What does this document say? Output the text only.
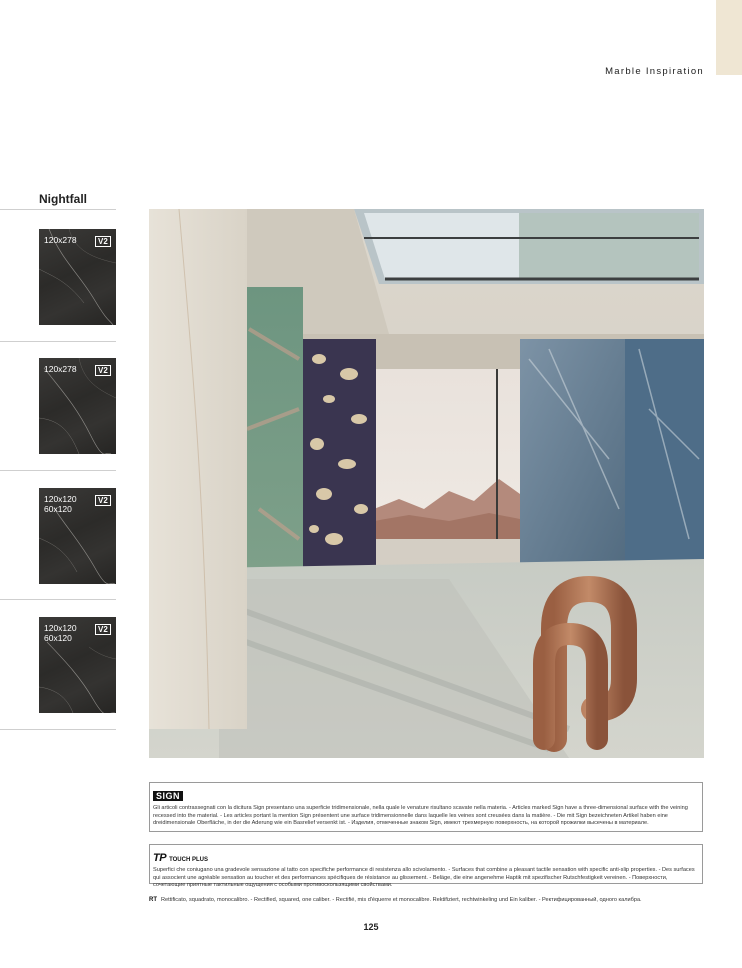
Marble Inspiration
Nightfall
120x278	V2
120x278	V2
120x120
60x120
V2
120x120
60x120
V2
SIGN
Gli articoli contrassegnati con la dicitura Sign presentano una superficie tridimensionale, nella quale le venature risultano scavate nella materia. - Articles marked Sign have a three-dimensional surface with the veining recessed into the material. - Les articles portant la mention Sign présentent une surface tridimensionnelle dans laquelle les veines sont creusées dans la matière. - Die mit Sign bezeichneten Artikel haben eine dreidimensionale Oberfläche, in der die Aderung wie ein Basrelief versenkt ist. - Изделия, отмеченные знаком Sign, имеют трехмерную поверхность, на которой прожилки высечены в материале.
TP TOUCH PLUS
Superfici che coniugano una gradevole sensazione al tatto con specifiche performance di resistenza allo scivolamento. - Surfaces that combine a pleasant tactile sensation with specific anti-slip properties. - Des surfaces qui associent une agréable sensation au toucher et des performances spécifiques de résistance au glissement. - Beläge, die eine angenehme Haptik mit spezifischer Rutschfestigkeit vereinen. - Поверхности, сочетающие приятные тактильные ощущения с особыми противоскользящими свойствами.
RT Rettificato, squadrato, monocalibro. - Rectified, squared, one caliber. - Rectifié, mis d'équerre et monocalibre. Rektifiziert, rechtwinkeling und Ein kaliber. - Ректифицированный, одного калибра.
125
